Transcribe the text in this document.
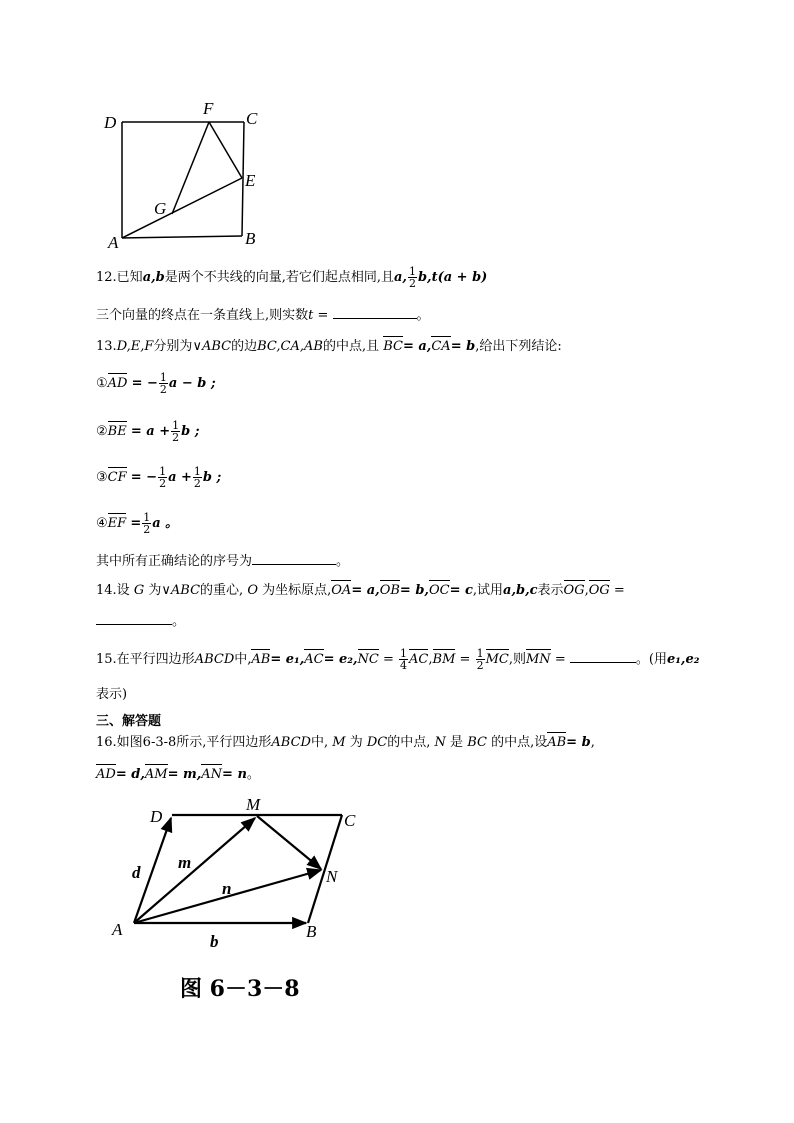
D
F
C
E
G
A	B
12.已知a,b是两个不共线的向量,若它们起点相同,且a, $\frac{1}{2} b,t(a + b)$
三个向量的终点在一条直线上,则实数t =	。
13.D,E,F分别为∨ABC的边BC,CA,AB的中点,且 BC= a,CA= b,给出下列结论:
①AD = − $\frac{1}{2}$ a − b ;
②BE = $a + \frac{1}{2}$ b ;
③CF = − $\frac{1}{2}$ $a + \frac{1}{2}$ b ;
④EF = $\frac{1}{2}$ a 。
其中所有正确结论的序号为	。
14.设 G 为∨ABC的重心, O 为坐标原点,OA= a,OB= b,OC= c,试用a,b,c表示OG,OG =
。
15.在平行四边形ABCD中$,AB= e_1,AC= e_2,NC = \frac{1}{4} AC,BM = \frac{1}{2}$ MC,则MN =	。(用e₁,e₂
表示)
三、解答题
16.如图6-3-8所示,平行四边形ABCD中, M 为 DC的中点, N 是 BC 的中点,设AB= b,
AD= d,AM= m,AN= n。
D
M
C
N
A	B
d
m
n
b
图 6－3－8
